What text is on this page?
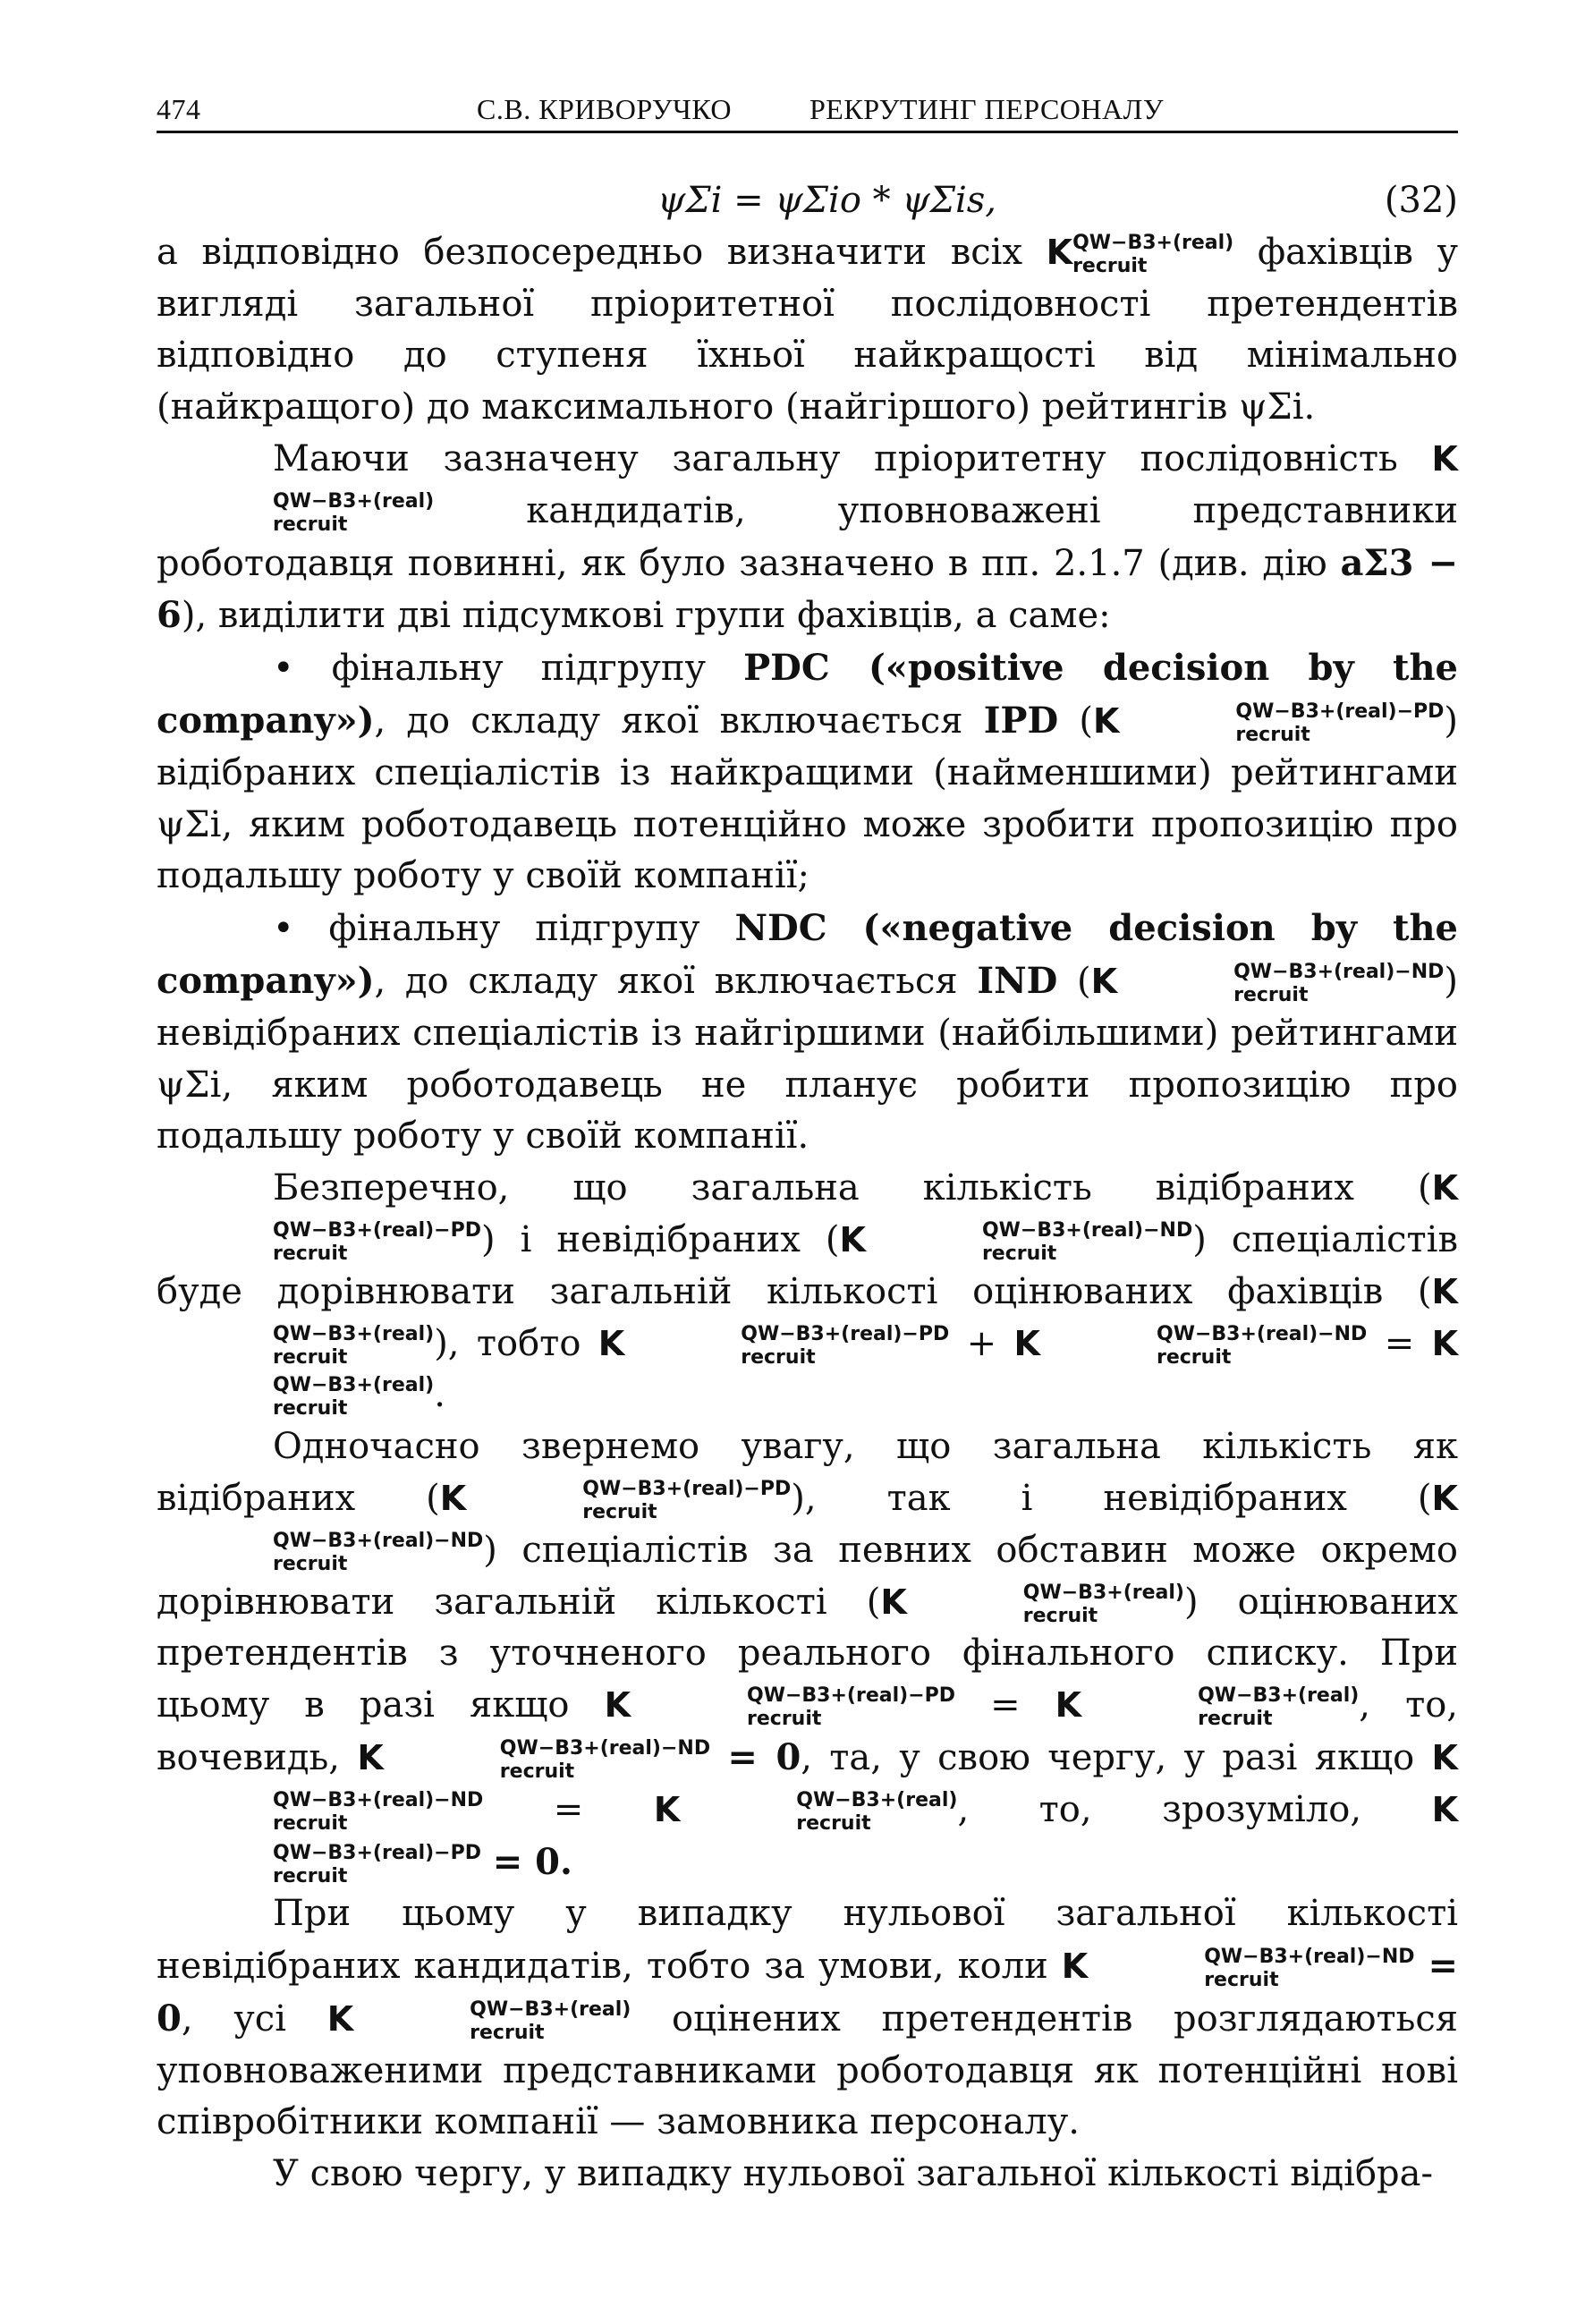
474	С.В. КРИВОРУЧКО	РЕКРУТИНГ ПЕРСОНАЛУ
ψΣi = ψΣio * ψΣis,	(32)

а відповідно безпосередньо визначити всіх K QW−B3+(real)
recruit	фахівців у вигляді загальної пріоритетної послідовності претендентів відповідно до ступеня їхньої найкращості від мінімально (найкращого) до максимального (найгіршого) рейтингів ψΣi.

Маючи зазначену загальну пріоритетну послідовність K
QW−B3+(real)
recruit	кандидатів, уповноважені представники роботодавця повинні, як було зазначено в пп. 2.1.7 (див. дію aΣ3 − 6), виділити дві підсумкові групи фахівців, а саме:

• фінальну підгрупу PDC («positive decision by the company»), до складу якої включається IPD (K	QW−B3+(real)−PD
recruit	) відібраних спеціалістів із найкращими (найменшими) рейтингами ψΣi, яким роботодавець потенційно може зробити пропозицію про подальшу роботу у своїй компанії;

• фінальну підгрупу NDC («negative decision by the company»), до складу якої включається IND (K	QW−B3+(real)−ND
recruit	) невідібраних спеціалістів із найгіршими (найбільшими) рейтингами ψΣi, яким роботодавець не планує робити пропозицію про подальшу роботу у своїй компанії.

Безперечно, що загальна кількість відібраних (K
QW−B3+(real)−PD
recruit	) і невідібраних (K	QW−B3+(real)−ND
recruit	) спеціалістів буде дорівнювати загальній кількості оцінюваних фахівців (K
QW−B3+(real)
recruit	), тобто K	QW−B3+(real)−PD
recruit	+ K	QW−B3+(real)−ND
recruit	= K
QW−B3+(real)
recruit	.

Одночасно звернемо увагу, що загальна кількість як відібраних (K	QW−B3+(real)−PD
recruit	), так і невідібраних (K
QW−B3+(real)−ND
recruit	) спеціалістів за певних обставин може окремо дорівнювати загальній кількості (K	QW−B3+(real)
recruit	) оцінюваних претендентів з уточненого реального фінального списку. При цьому в разі якщо K	QW−B3+(real)−PD
recruit	= K	QW−B3+(real)
recruit	, то, вочевидь, K	QW−B3+(real)−ND
recruit	= 0, та, у свою чергу, у разі якщо K
QW−B3+(real)−ND
recruit	= K	QW−B3+(real)
recruit	, то, зрозуміло, K
QW−B3+(real)−PD
recruit	= 0.

При цьому у випадку нульової загальної кількості невідібраних кандидатів, тобто за умови, коли K	QW−B3+(real)−ND
recruit	= 0, усі K	QW−B3+(real)
recruit	оцінених претендентів розглядаються уповноваженими представниками роботодавця як потенційні нові співробітники компанії — замовника персоналу.

У свою чергу, у випадку нульової загальної кількості відібра-
